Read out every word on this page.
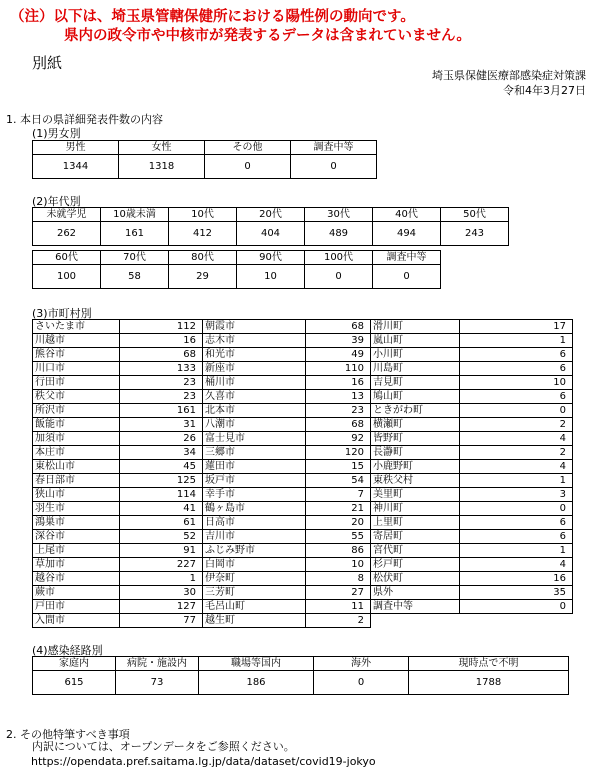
（注）以下は、埼玉県管轄保健所における陽性例の動向です。
県内の政令市や中核市が発表するデータは含まれていません。
別紙
埼玉県保健医療部感染症対策課
令和4年3月27日
1. 本日の県詳細発表件数の内容
(1)男女別
男性	女性	その他	調査中等
1344	1318	0	0
(2)年代別
未就学児	10歳未満	10代	20代	30代	40代	50代
262	161	412	404	489	494	243
60代	70代	80代	90代	100代	調査中等
100	58	29	10	0	0
(3)市町村別
さいたま市	112	朝霞市	68	滑川町	17
川越市	16	志木市	39	嵐山町	1
熊谷市	68	和光市	49	小川町	6
川口市	133	新座市	110	川島町	6
行田市	23	桶川市	16	吉見町	10
秩父市	23	久喜市	13	鳩山町	6
所沢市	161	北本市	23	ときがわ町	0
飯能市	31	八潮市	68	横瀬町	2
加須市	26	富士見市	92	皆野町	4
本庄市	34	三郷市	120	長瀞町	2
東松山市	45	蓮田市	15	小鹿野町	4
春日部市	125	坂戸市	54	東秩父村	1
狭山市	114	幸手市	7	美里町	3
羽生市	41	鶴ヶ島市	21	神川町	0
鴻巣市	61	日高市	20	上里町	6
深谷市	52	吉川市	55	寄居町	6
上尾市	91	ふじみ野市	86	宮代町	1
草加市	227	白岡市	10	杉戸町	4
越谷市	1	伊奈町	8	松伏町	16
蕨市	30	三芳町	27	県外	35
戸田市	127	毛呂山町	11	調査中等	0
入間市	77	越生町	2		
(4)感染経路別
家庭内	病院・施設内	職場等国内	海外	現時点で不明
615	73	186	0	1788
2. その他特筆すべき事項
内訳については、オープンデータをご参照ください。
https://opendata.pref.saitama.lg.jp/data/dataset/covid19-jokyo
